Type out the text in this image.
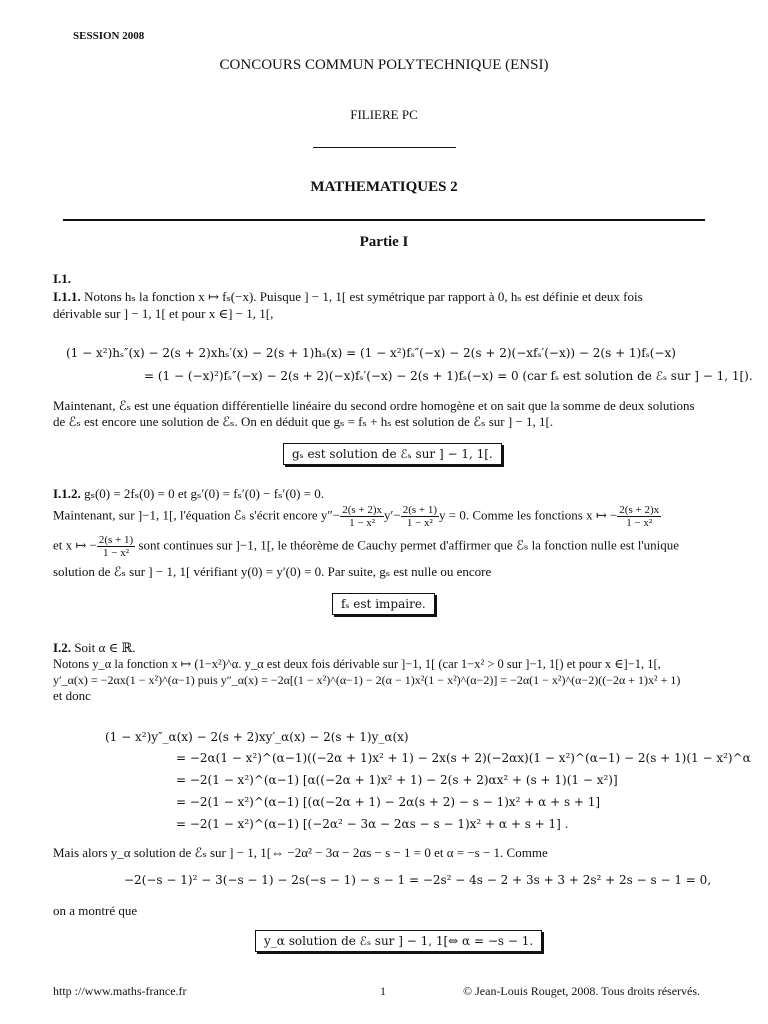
SESSION 2008
CONCOURS COMMUN POLYTECHNIQUE (ENSI)
FILIERE PC
MATHEMATIQUES 2
Partie I
I.1.
I.1.1. Notons hₛ la fonction x ↦ fₛ(−x). Puisque ] − 1, 1[ est symétrique par rapport à 0, hₛ est définie et deux fois
dérivable sur ] − 1, 1[ et pour x ∈] − 1, 1[,
(1 − x²)hₛ″(x) − 2(s + 2)xhₛ′(x) − 2(s + 1)hₛ(x) = (1 − x²)fₛ″(−x) − 2(s + 2)(−xfₛ′(−x)) − 2(s + 1)fₛ(−x)
= (1 − (−x)²)fₛ″(−x) − 2(s + 2)(−x)fₛ′(−x) − 2(s + 1)fₛ(−x) = 0 (car fₛ est solution de ℰₛ sur ] − 1, 1[).
Maintenant, ℰₛ est une équation différentielle linéaire du second ordre homogène et on sait que la somme de deux solutions
de ℰₛ est encore une solution de ℰₛ. On en déduit que gₛ = fₛ + hₛ est solution de ℰₛ sur ] − 1, 1[.
gₛ est solution de ℰₛ sur ] − 1, 1[.
I.1.2. gₛ(0) = 2fₛ(0) = 0 et gₛ′(0) = fₛ′(0) − fₛ′(0) = 0.
Maintenant, sur ]−1, 1[, l'équation ℰₛ s'écrit encore $y''- \frac{2(s + 2)x}{\text{1 − x²}} y'- \frac{2(s + 1)}{\text{1 − x²}}$ y = 0. Comme les fonctions x ↦ − $\frac{2(s + 2)x}{\text{1 − x²}}$
et x ↦ − $\frac{2(s + 1)}{\text{1 − x²}}$ sont continues sur ]−1, 1[, le théorème de Cauchy permet d'affirmer que ℰₛ la fonction nulle est l'unique
solution de ℰₛ sur ] − 1, 1[ vérifiant y(0) = y′(0) = 0. Par suite, gₛ est nulle ou encore
fₛ est impaire.
I.2. Soit α ∈ ℝ.
Notons y_α la fonction x ↦ (1−x²)^α. y_α est deux fois dérivable sur ]−1, 1[ (car 1−x² > 0 sur ]−1, 1[) et pour x ∈]−1, 1[,
y′_α(x) = −2αx(1 − x²)^(α−1) puis y″_α(x) = −2α[(1 − x²)^(α−1) − 2(α − 1)x²(1 − x²)^(α−2)] = −2α(1 − x²)^(α−2)((−2α + 1)x² + 1)
et donc
(1 − x²)y″_α(x) − 2(s + 2)xy′_α(x) − 2(s + 1)y_α(x)
= −2α(1 − x²)^(α−1)((−2α + 1)x² + 1) − 2x(s + 2)(−2αx)(1 − x²)^(α−1) − 2(s + 1)(1 − x²)^α
= −2(1 − x²)^(α−1) [α((−2α + 1)x² + 1) − 2(s + 2)αx² + (s + 1)(1 − x²)]
= −2(1 − x²)^(α−1) [(α(−2α + 1) − 2α(s + 2) − s − 1)x² + α + s + 1]
= −2(1 − x²)^(α−1) [(−2α² − 3α − 2αs − s − 1)x² + α + s + 1] .
Mais alors y_α solution de ℰₛ sur ] − 1, 1[⇔ −2α² − 3α − 2αs − s − 1 = 0 et α = −s − 1. Comme
−2(−s − 1)² − 3(−s − 1) − 2s(−s − 1) − s − 1 = −2s² − 4s − 2 + 3s + 3 + 2s² + 2s − s − 1 = 0,
on a montré que
y_α solution de ℰₛ sur ] − 1, 1[⇔ α = −s − 1.
http ://www.maths-france.fr	1	© Jean-Louis Rouget, 2008. Tous droits réservés.
